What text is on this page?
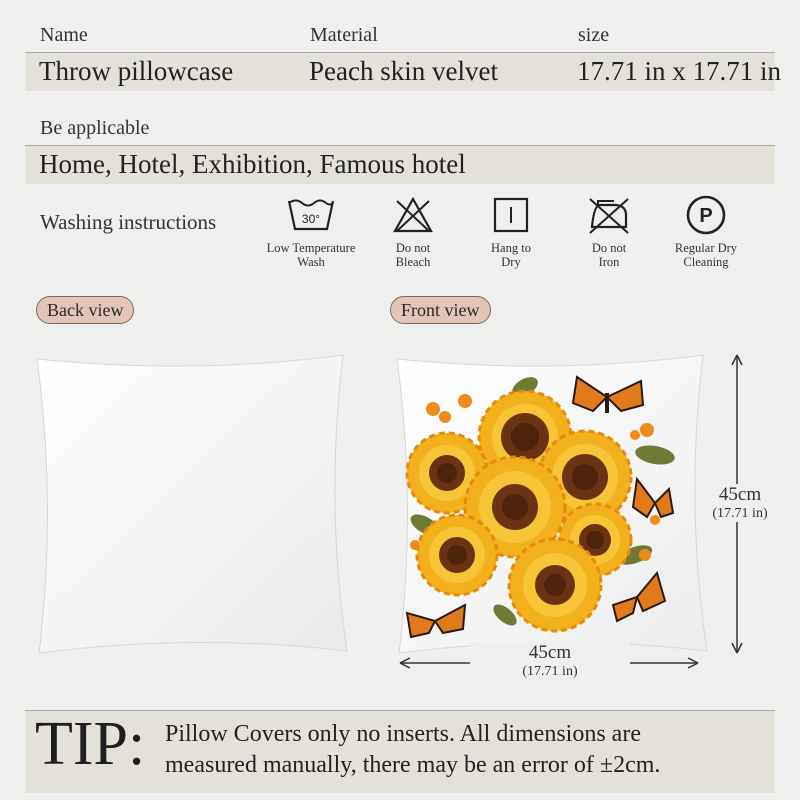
Name	Material	size
Throw pillowcase	Peach skin velvet	17.71 in x 17.71 in
Be applicable
Home, Hotel, Exhibition, Famous hotel
Washing instructions	30°
Low Temperature
Wash
Do not
Bleach
Hang to
Dry
Do not
Iron
P
Regular Dry
Cleaning
Back view	Front view
45cm
(17.71 in)
45cm
(17.71 in)
TIP: Pillow Covers only no inserts. All dimensions are
measured manually, there may be an error of ±2cm.
